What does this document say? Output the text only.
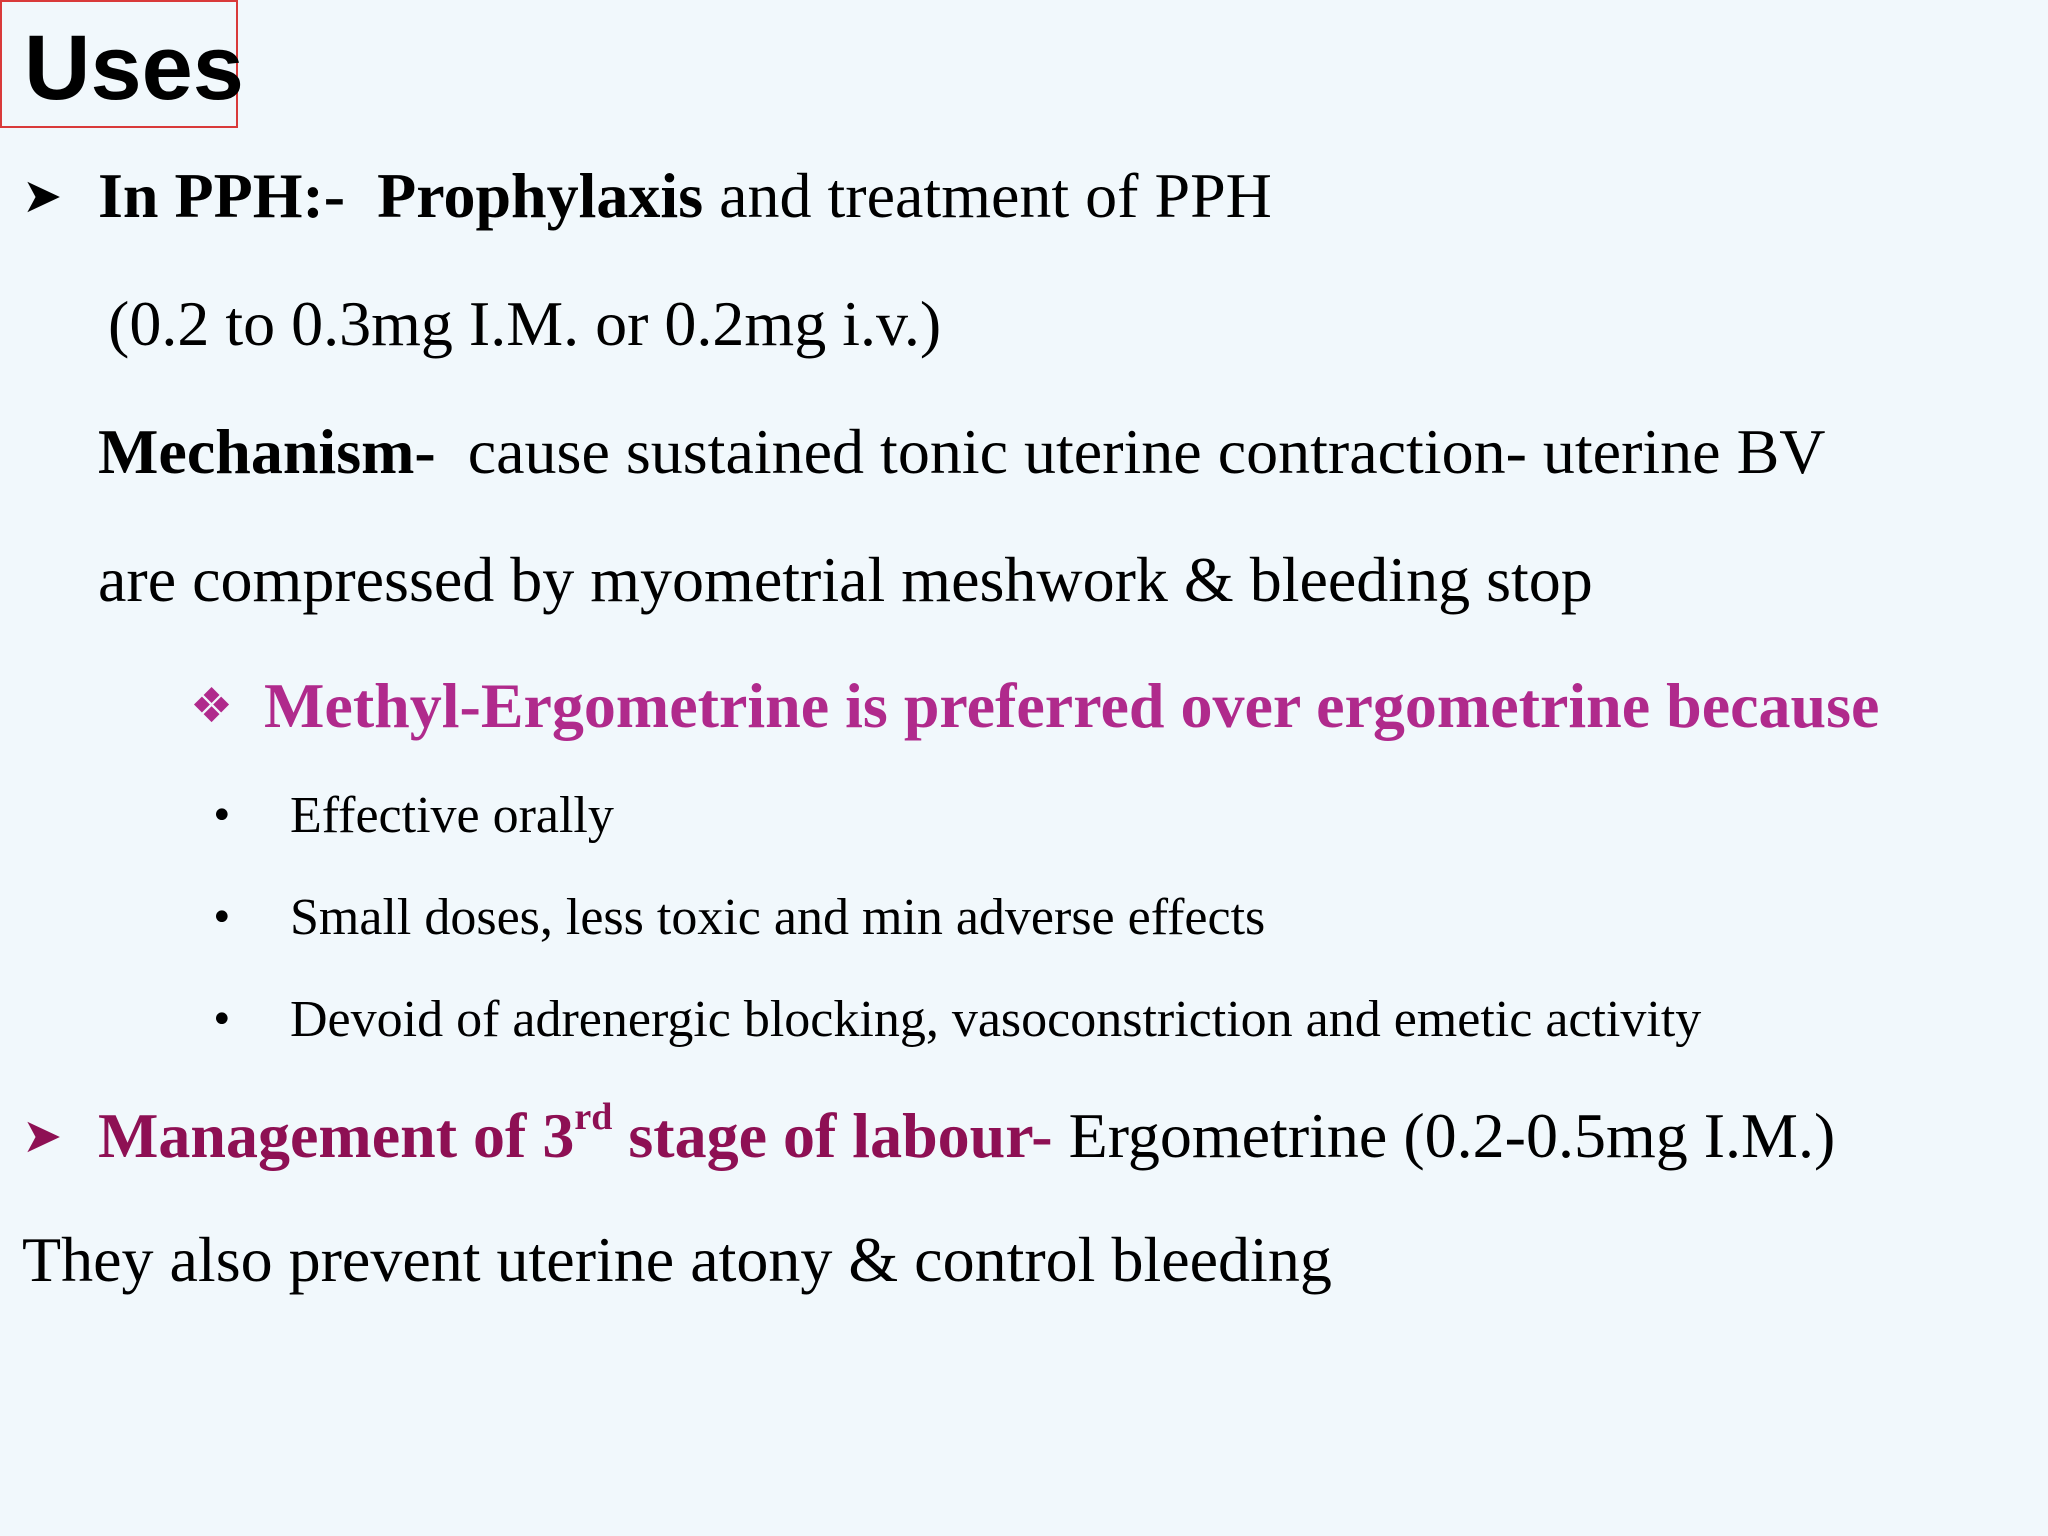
Uses
➤ In PPH:- Prophylaxis and treatment of PPH
(0.2 to 0.3mg I.M. or 0.2mg i.v.)
Mechanism- cause sustained tonic uterine contraction- uterine BV
are compressed by myometrial meshwork & bleeding stop
❖ Methyl-Ergometrine is preferred over ergometrine because
• Effective orally
• Small doses, less toxic and min adverse effects
• Devoid of adrenergic blocking, vasoconstriction and emetic activity
➤ Management of 3rd stage of labour- Ergometrine (0.2-0.5mg I.M.)
They also prevent uterine atony & control bleeding
